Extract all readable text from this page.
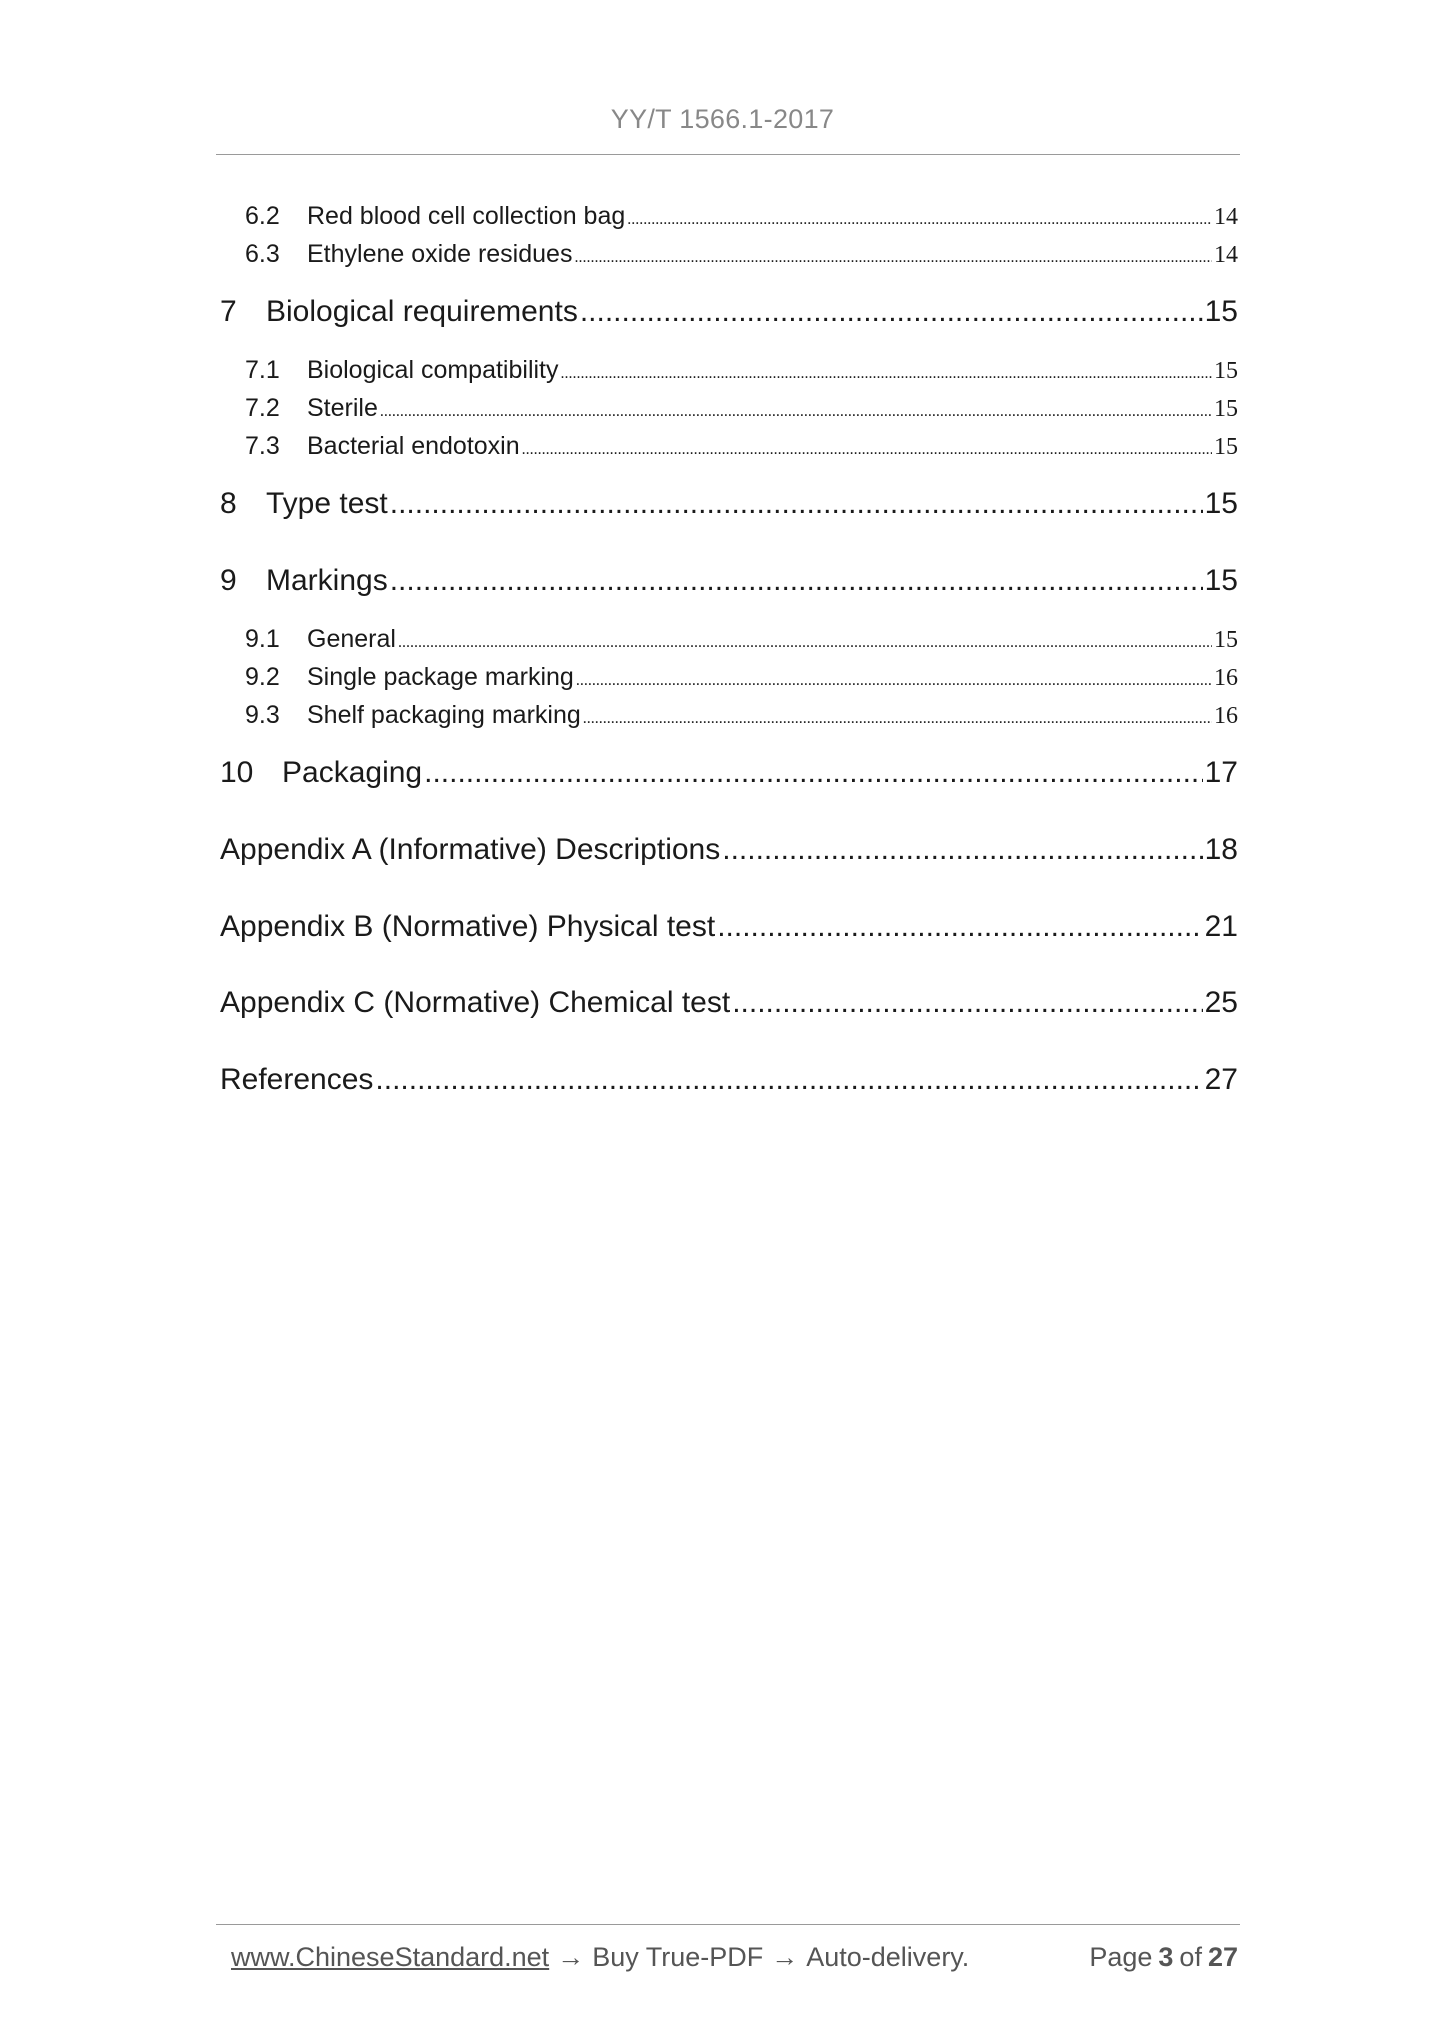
YY/T 1566.1-2017
6.2	Red blood cell collection bag .....	14
6.3	Ethylene oxide residues .....	14
7 Biological requirements .....	15
7.1	Biological compatibility .....	15
7.2	Sterile .....	15
7.3	Bacterial endotoxin .....	15
8 Type test .....	15
9 Markings .....	15
9.1	General .....	15
9.2	Single package marking .....	16
9.3	Shelf packaging marking .....	16
10 Packaging .....	17
Appendix A (Informative) Descriptions .....	18
Appendix B (Normative) Physical test .....	21
Appendix C (Normative) Chemical test .....	25
References .....	27
www.ChineseStandard.net → Buy True-PDF → Auto-delivery.	Page 3 of 27
